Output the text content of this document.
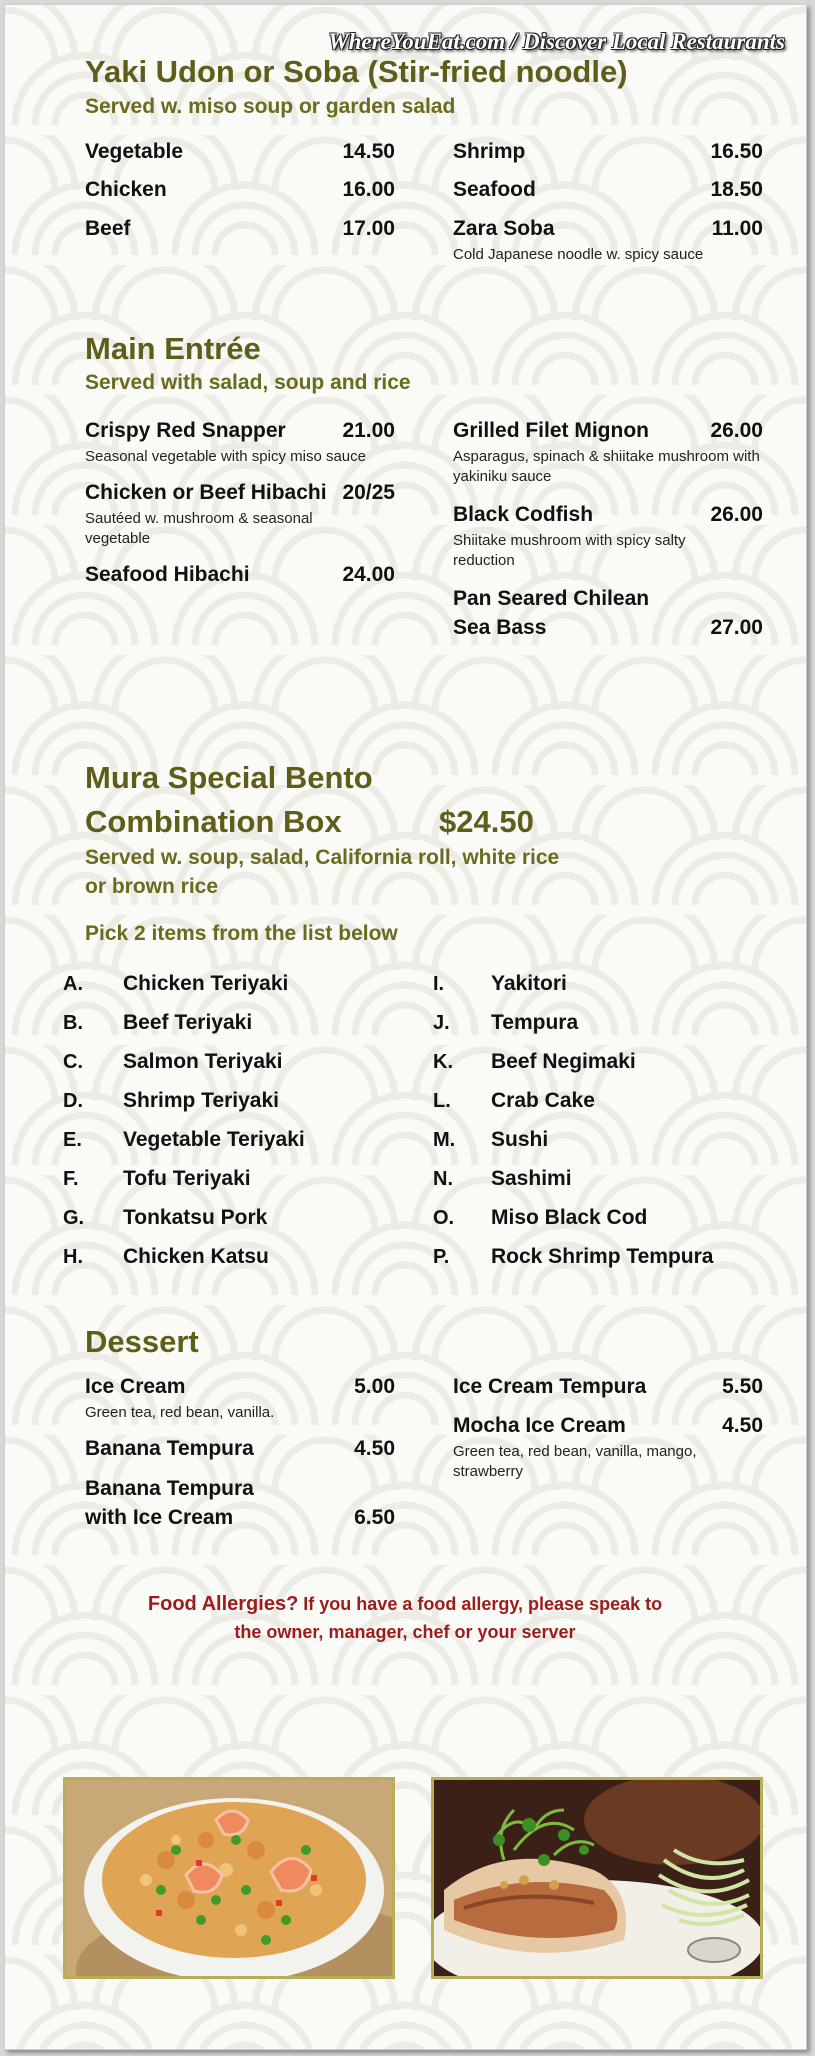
WhereYouEat.com / Discover Local Restaurants
Yaki Udon or Soba (Stir-fried noodle)
Served w. miso soup or garden salad
Vegetable	14.50
Chicken	16.00
Beef	17.00
Shrimp	16.50
Seafood	18.50
Zara Soba	11.00
Cold Japanese noodle w. spicy sauce
Main Entrée
Served with salad, soup and rice
Crispy Red Snapper	21.00
Seasonal vegetable with spicy miso sauce
Chicken or Beef Hibachi 20/25
Sautéed w. mushroom & seasonal vegetable
Seafood Hibachi	24.00
Grilled Filet Mignon	26.00
Asparagus, spinach & shiitake mushroom with yakiniku sauce
Black Codfish	26.00
Shiitake mushroom with spicy salty reduction
Pan Seared Chilean
Sea Bass	27.00
Mura Special Bento
Combination Box	$24.50
Served w. soup, salad, California roll, white rice
or brown rice
Pick 2 items from the list below
A. Chicken Teriyaki
B. Beef Teriyaki
C. Salmon Teriyaki
D. Shrimp Teriyaki
E. Vegetable Teriyaki
F. Tofu Teriyaki
G. Tonkatsu Pork
H. Chicken Katsu
I. Yakitori
J. Tempura
K. Beef Negimaki
L. Crab Cake
M. Sushi
N. Sashimi
O. Miso Black Cod
P. Rock Shrimp Tempura
Dessert
Ice Cream	5.00
Green tea, red bean, vanilla.
Banana Tempura	4.50
Banana Tempura
with Ice Cream	6.50
Ice Cream Tempura	5.50
Mocha Ice Cream	4.50
Green tea, red bean, vanilla, mango, strawberry
Food Allergies? If you have a food allergy, please speak to
the owner, manager, chef or your server
